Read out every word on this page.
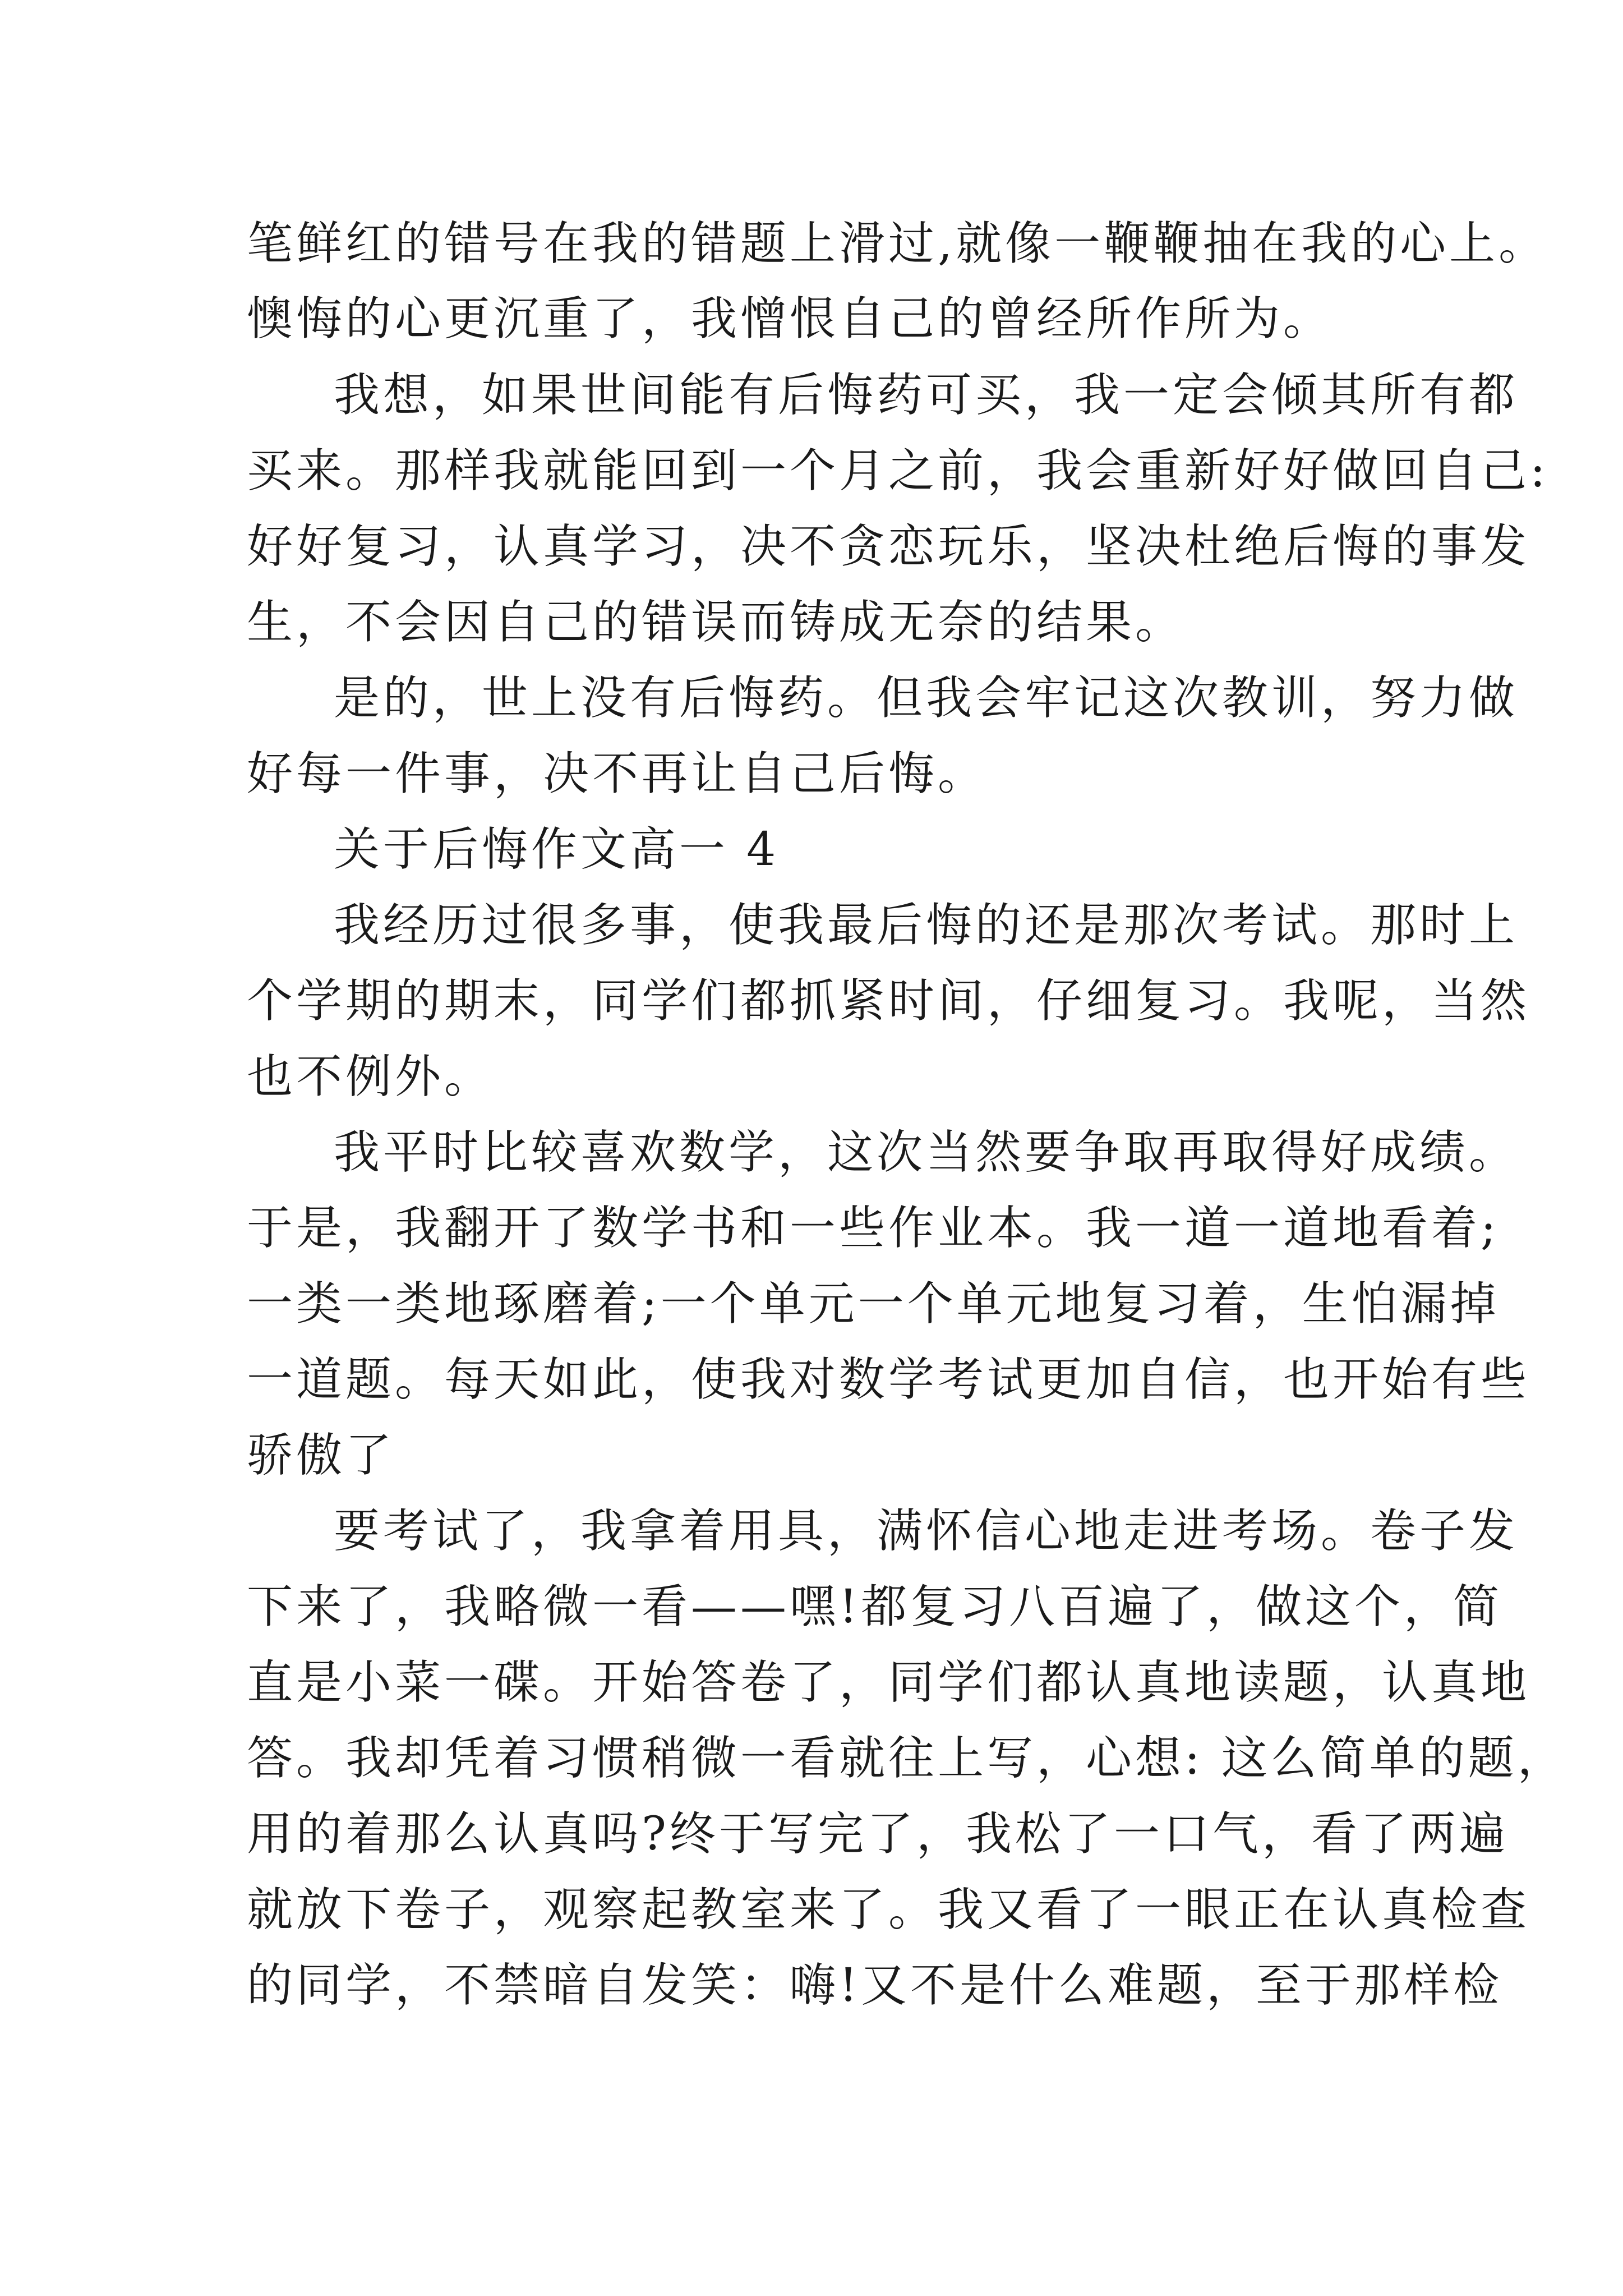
笔鲜红的错号在我的错题上滑过,就像一鞭鞭抽在我的心上。
懊悔的心更沉重了，我憎恨自己的曾经所作所为。
我想，如果世间能有后悔药可买，我一定会倾其所有都
买来。那样我就能回到一个月之前，我会重新好好做回自己:
好好复习，认真学习，决不贪恋玩乐，坚决杜绝后悔的事发
生，不会因自己的错误而铸成无奈的结果。
是的，世上没有后悔药。但我会牢记这次教训，努力做
好每一件事，决不再让自己后悔。
关于后悔作文高一 4
我经历过很多事，使我最后悔的还是那次考试。那时上
个学期的期末，同学们都抓紧时间，仔细复习。我呢，当然
也不例外。
我平时比较喜欢数学，这次当然要争取再取得好成绩。
于是，我翻开了数学书和一些作业本。我一道一道地看着;
一类一类地琢磨着;一个单元一个单元地复习着，生怕漏掉
一道题。每天如此，使我对数学考试更加自信，也开始有些
骄傲了
要考试了，我拿着用具，满怀信心地走进考场。卷子发
下来了，我略微一看——嘿!都复习八百遍了，做这个，简
直是小菜一碟。开始答卷了，同学们都认真地读题，认真地
答。我却凭着习惯稍微一看就往上写，心想: 这么简单的题，
用的着那么认真吗?终于写完了，我松了一口气，看了两遍
就放下卷子，观察起教室来了。我又看了一眼正在认真检查
的同学，不禁暗自发笑：嗨!又不是什么难题，至于那样检
